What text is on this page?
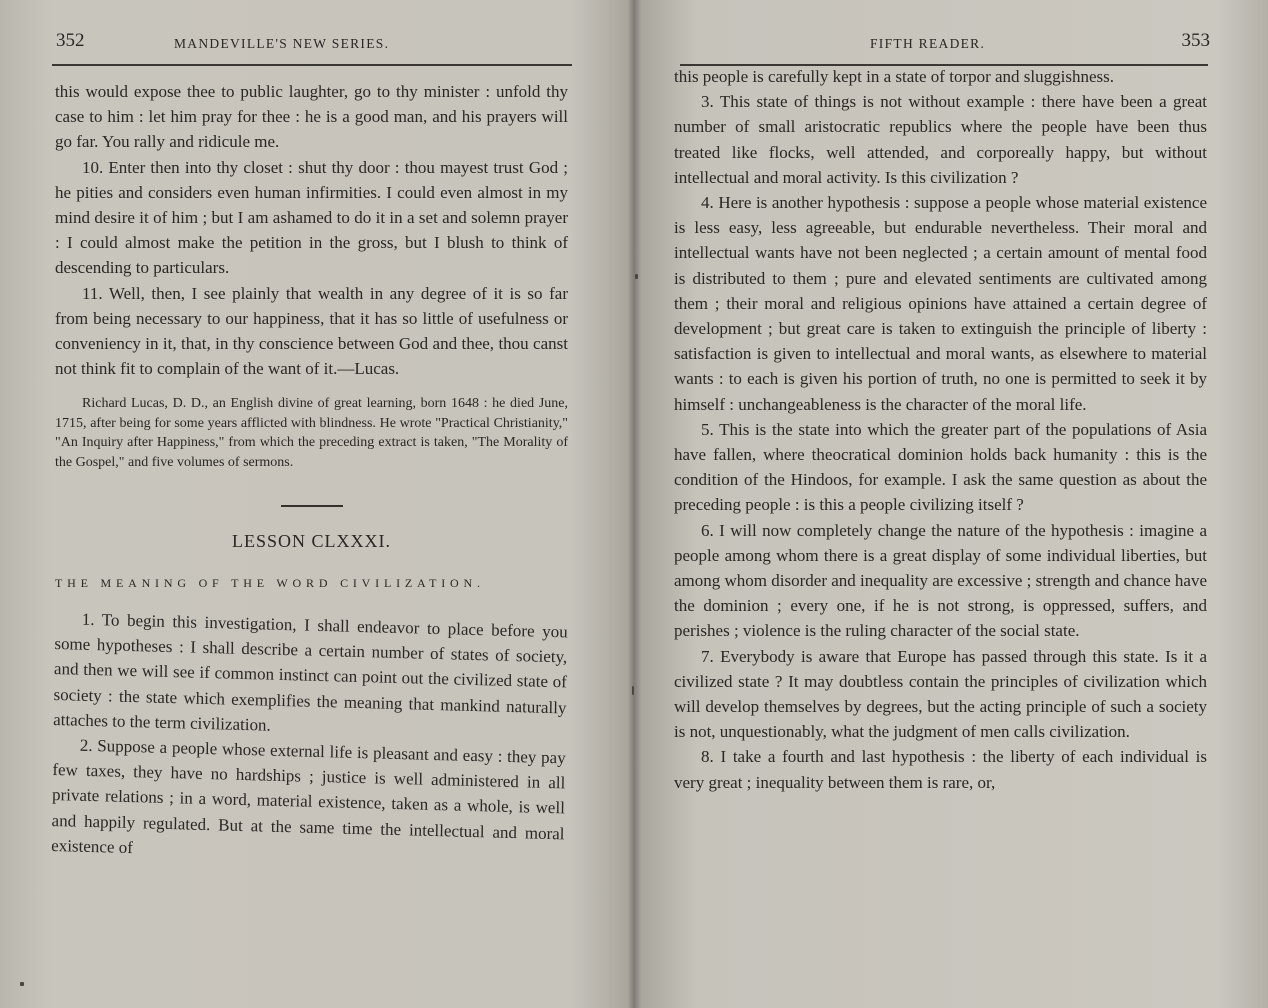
352	MANDEVILLE'S NEW SERIES.

this would expose thee to public laughter, go to thy minister : unfold thy case to him : let him pray for thee : he is a good man, and his prayers will go far. You rally and ridicule me.

10. Enter then into thy closet : shut thy door : thou mayest trust God ; he pities and considers even human infirmities. I could even almost in my mind desire it of him ; but I am ashamed to do it in a set and solemn prayer : I could almost make the petition in the gross, but I blush to think of descending to particulars.

11. Well, then, I see plainly that wealth in any degree of it is so far from being necessary to our happiness, that it has so little of usefulness or conveniency in it, that, in thy conscience between God and thee, thou canst not think fit to complain of the want of it.—Lucas.

Richard Lucas, D. D., an English divine of great learning, born 1648 : he died June, 1715, after being for some years afflicted with blindness. He wrote "Practical Christianity," "An Inquiry after Happiness," from which the preceding extract is taken, "The Morality of the Gospel," and five volumes of sermons.

LESSON CLXXXI.

THE MEANING OF THE WORD CIVILIZATION.

1. To begin this investigation, I shall endeavor to place before you some hypotheses : I shall describe a certain number of states of society, and then we will see if common instinct can point out the civilized state of society : the state which exemplifies the meaning that mankind naturally attaches to the term civilization.

2. Suppose a people whose external life is pleasant and easy : they pay few taxes, they have no hardships ; justice is well administered in all private relations ; in a word, material existence, taken as a whole, is well and happily regulated. But at the same time the intellectual and moral existence of

FIFTH READER.	353

this people is carefully kept in a state of torpor and sluggishness.

3. This state of things is not without example : there have been a great number of small aristocratic republics where the people have been thus treated like flocks, well attended, and corporeally happy, but without intellectual and moral activity. Is this civilization ?

4. Here is another hypothesis : suppose a people whose material existence is less easy, less agreeable, but endurable nevertheless. Their moral and intellectual wants have not been neglected ; a certain amount of mental food is distributed to them ; pure and elevated sentiments are cultivated among them ; their moral and religious opinions have attained a certain degree of development ; but great care is taken to extinguish the principle of liberty : satisfaction is given to intellectual and moral wants, as elsewhere to material wants : to each is given his portion of truth, no one is permitted to seek it by himself : unchangeableness is the character of the moral life.

5. This is the state into which the greater part of the populations of Asia have fallen, where theocratical dominion holds back humanity : this is the condition of the Hindoos, for example. I ask the same question as about the preceding people : is this a people civilizing itself ?

6. I will now completely change the nature of the hypothesis : imagine a people among whom there is a great display of some individual liberties, but among whom disorder and inequality are excessive ; strength and chance have the dominion ; every one, if he is not strong, is oppressed, suffers, and perishes ; violence is the ruling character of the social state.

7. Everybody is aware that Europe has passed through this state. Is it a civilized state ? It may doubtless contain the principles of civilization which will develop themselves by degrees, but the acting principle of such a society is not, unquestionably, what the judgment of men calls civilization.

8. I take a fourth and last hypothesis : the liberty of each individual is very great ; inequality between them is rare, or,
